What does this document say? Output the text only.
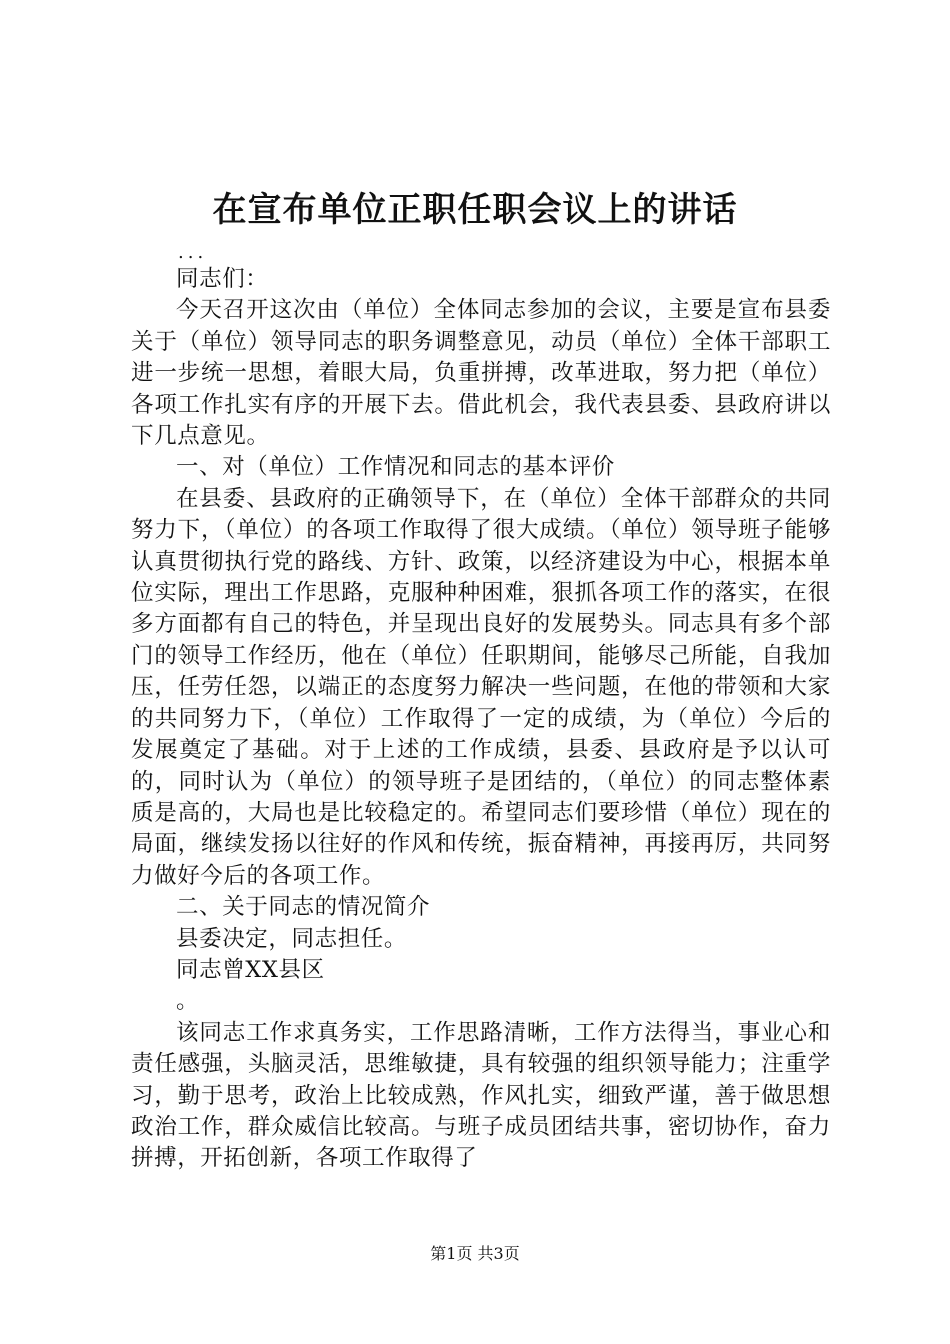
在宣布单位正职任职会议上的讲话
...

同志们：

今天召开这次由（单位）全体同志参加的会议，主要是宣布县委关于（单位）领导同志的职务调整意见，动员（单位）全体干部职工进一步统一思想，着眼大局，负重拼搏，改革进取，努力把（单位）各项工作扎实有序的开展下去。借此机会，我代表县委、县政府讲以下几点意见。

一、对（单位）工作情况和同志的基本评价

在县委、县政府的正确领导下，在（单位）全体干部群众的共同努力下，（单位）的各项工作取得了很大成绩。（单位）领导班子能够认真贯彻执行党的路线、方针、政策，以经济建设为中心，根据本单位实际，理出工作思路，克服种种困难，狠抓各项工作的落实，在很多方面都有自己的特色，并呈现出良好的发展势头。同志具有多个部门的领导工作经历，他在（单位）任职期间，能够尽己所能，自我加压，任劳任怨，以端正的态度努力解决一些问题，在他的带领和大家的共同努力下，（单位）工作取得了一定的成绩，为（单位）今后的发展奠定了基础。对于上述的工作成绩，县委、县政府是予以认可的，同时认为（单位）的领导班子是团结的，（单位）的同志整体素质是高的，大局也是比较稳定的。希望同志们要珍惜（单位）现在的局面，继续发扬以往好的作风和传统，振奋精神，再接再厉，共同努力做好今后的各项工作。

二、关于同志的情况简介

县委决定，同志担任。

同志曾XX县区

。

该同志工作求真务实，工作思路清晰，工作方法得当，事业心和责任感强，头脑灵活，思维敏捷，具有较强的组织领导能力；注重学习，勤于思考，政治上比较成熟，作风扎实，细致严谨，善于做思想政治工作，群众威信比较高。与班子成员团结共事，密切协作，奋力拼搏，开拓创新，各项工作取得了

第1页 共3页
